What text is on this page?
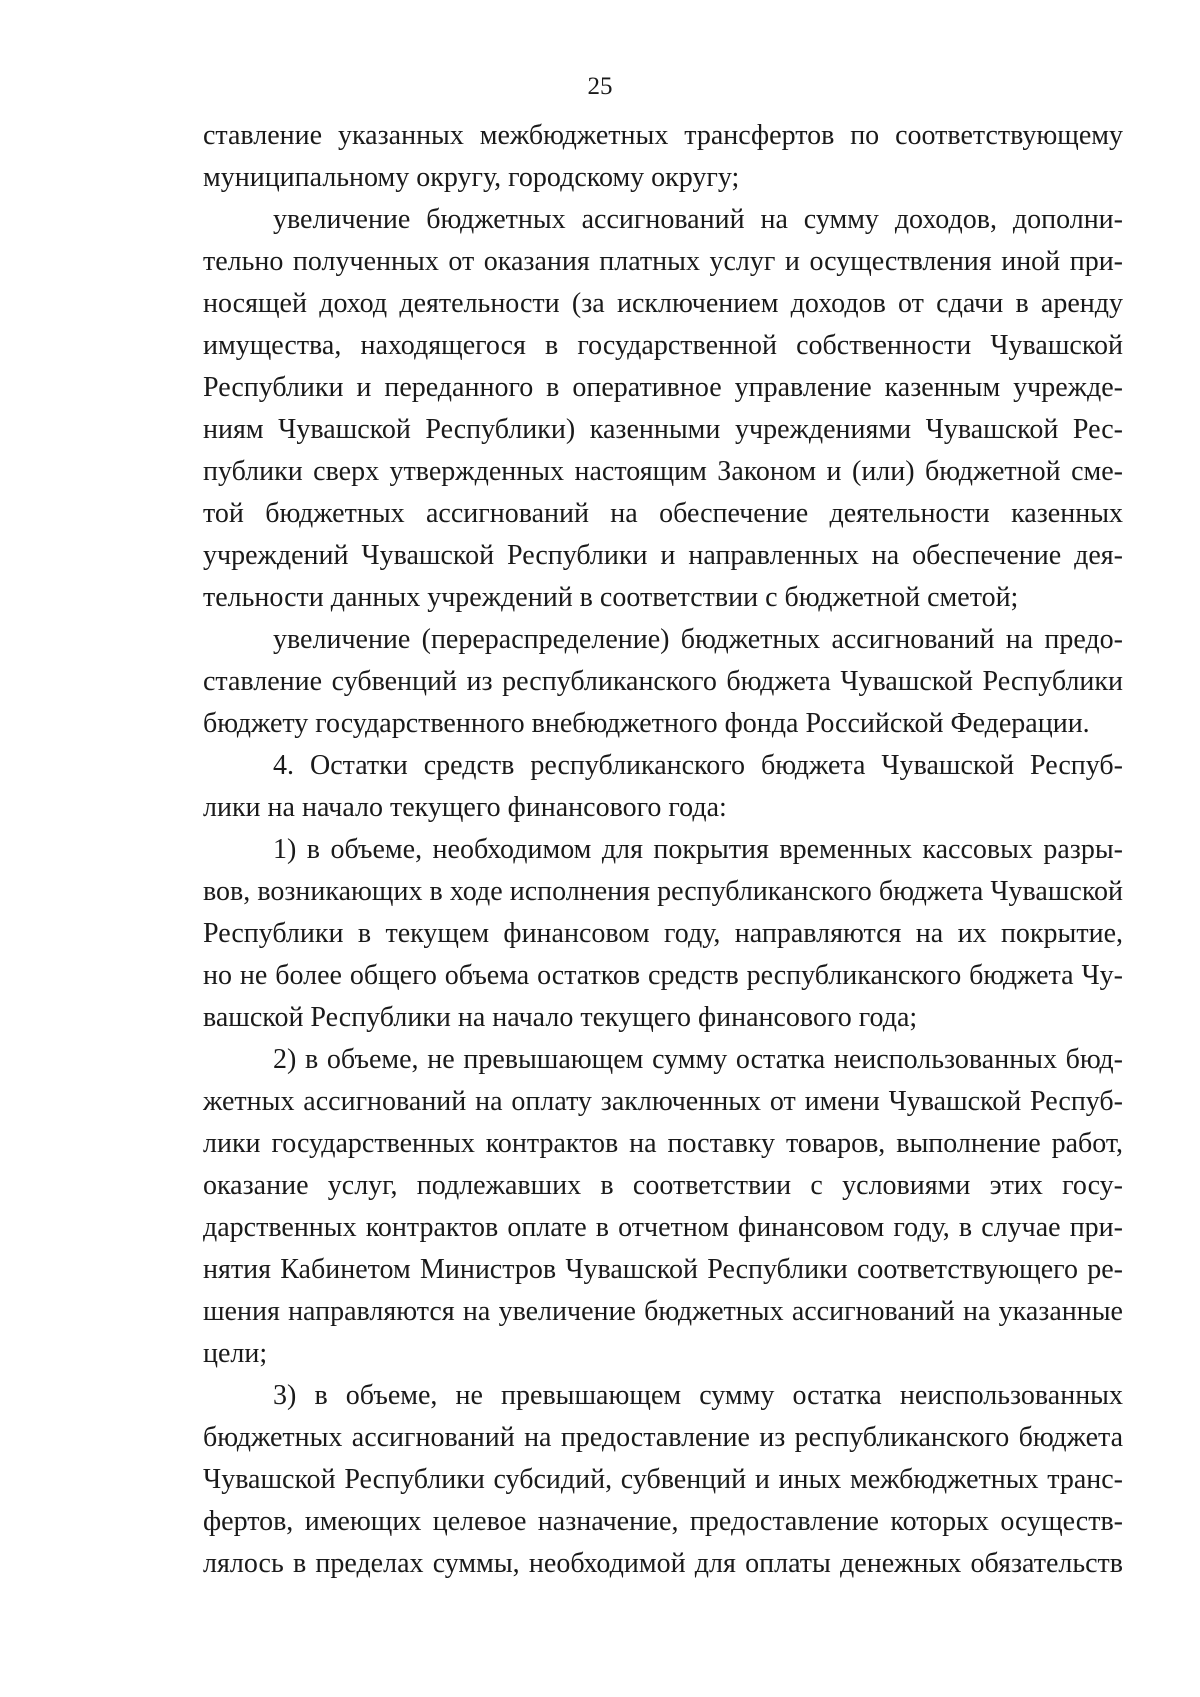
25
ставление указанных межбюджетных трансфертов по соответствующему
муниципальному округу, городскому округу;
увеличение бюджетных ассигнований на сумму доходов, дополни-
тельно полученных от оказания платных услуг и осуществления иной при-
носящей доход деятельности (за исключением доходов от сдачи в аренду
имущества, находящегося в государственной собственности Чувашской
Республики и переданного в оперативное управление казенным учрежде-
ниям Чувашской Республики) казенными учреждениями Чувашской Рес-
публики сверх утвержденных настоящим Законом и (или) бюджетной сме-
той бюджетных ассигнований на обеспечение деятельности казенных
учреждений Чувашской Республики и направленных на обеспечение дея-
тельности данных учреждений в соответствии с бюджетной сметой;
увеличение (перераспределение) бюджетных ассигнований на предо-
ставление субвенций из республиканского бюджета Чувашской Республики
бюджету государственного внебюджетного фонда Российской Федерации.
4. Остатки средств республиканского бюджета Чувашской Респуб-
лики на начало текущего финансового года:
1) в объеме, необходимом для покрытия временных кассовых разры-
вов, возникающих в ходе исполнения республиканского бюджета Чувашской
Республики в текущем финансовом году, направляются на их покрытие,
но не более общего объема остатков средств республиканского бюджета Чу-
вашской Республики на начало текущего финансового года;
2) в объеме, не превышающем сумму остатка неиспользованных бюд-
жетных ассигнований на оплату заключенных от имени Чувашской Респуб-
лики государственных контрактов на поставку товаров, выполнение работ,
оказание услуг, подлежавших в соответствии с условиями этих госу-
дарственных контрактов оплате в отчетном финансовом году, в случае при-
нятия Кабинетом Министров Чувашской Республики соответствующего ре-
шения направляются на увеличение бюджетных ассигнований на указанные
цели;
3) в объеме, не превышающем сумму остатка неиспользованных
бюджетных ассигнований на предоставление из республиканского бюджета
Чувашской Республики субсидий, субвенций и иных межбюджетных транс-
фертов, имеющих целевое назначение, предоставление которых осуществ-
лялось в пределах суммы, необходимой для оплаты денежных обязательств
